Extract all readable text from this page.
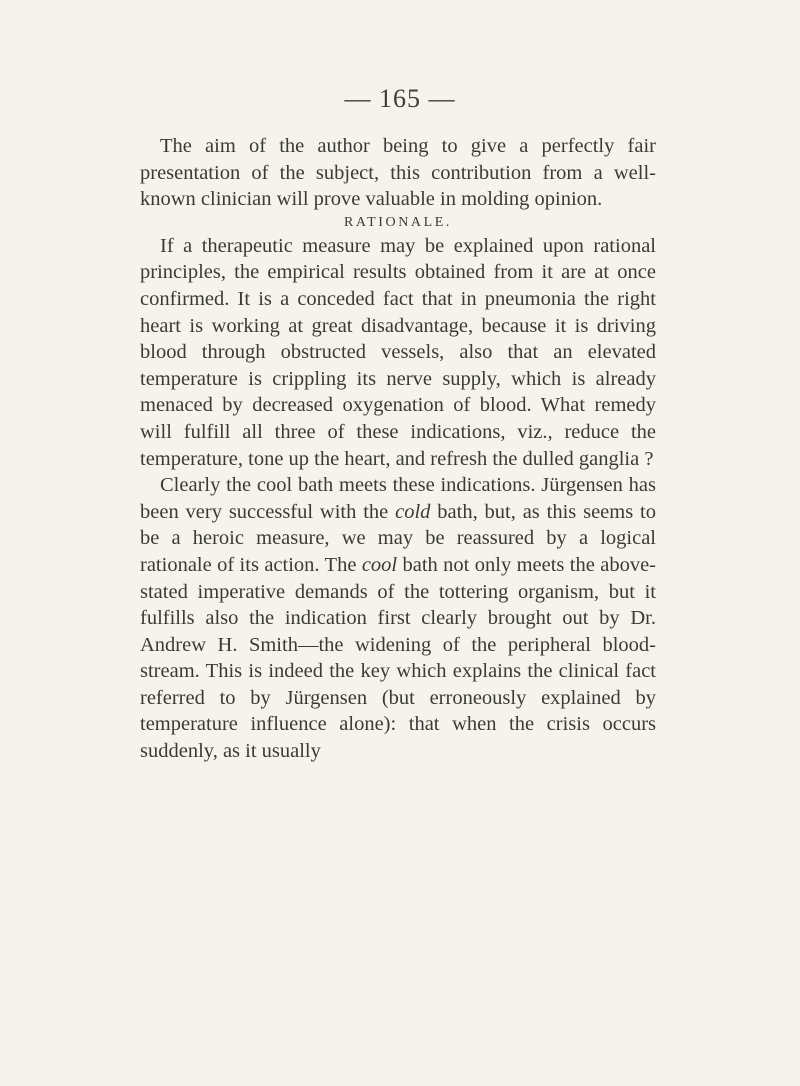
— 165 —

The aim of the author being to give a perfectly fair presentation of the subject, this contribution from a well-known clinician will prove valuable in molding opinion.

RATIONALE.

If a therapeutic measure may be explained upon rational principles, the empirical results obtained from it are at once confirmed. It is a conceded fact that in pneumonia the right heart is working at great disadvantage, because it is driving blood through obstructed vessels, also that an elevated temperature is crippling its nerve supply, which is already menaced by decreased oxygenation of blood. What remedy will fulfill all three of these indications, viz., reduce the temperature, tone up the heart, and refresh the dulled ganglia ?

Clearly the cool bath meets these indications. Jürgensen has been very successful with the cold bath, but, as this seems to be a heroic measure, we may be reassured by a logical rationale of its action. The cool bath not only meets the above-stated imperative demands of the tottering organism, but it fulfills also the indication first clearly brought out by Dr. Andrew H. Smith—the widening of the peripheral blood-stream. This is indeed the key which explains the clinical fact referred to by Jürgensen (but erroneously explained by temperature influence alone): that when the crisis occurs suddenly, as it usually
